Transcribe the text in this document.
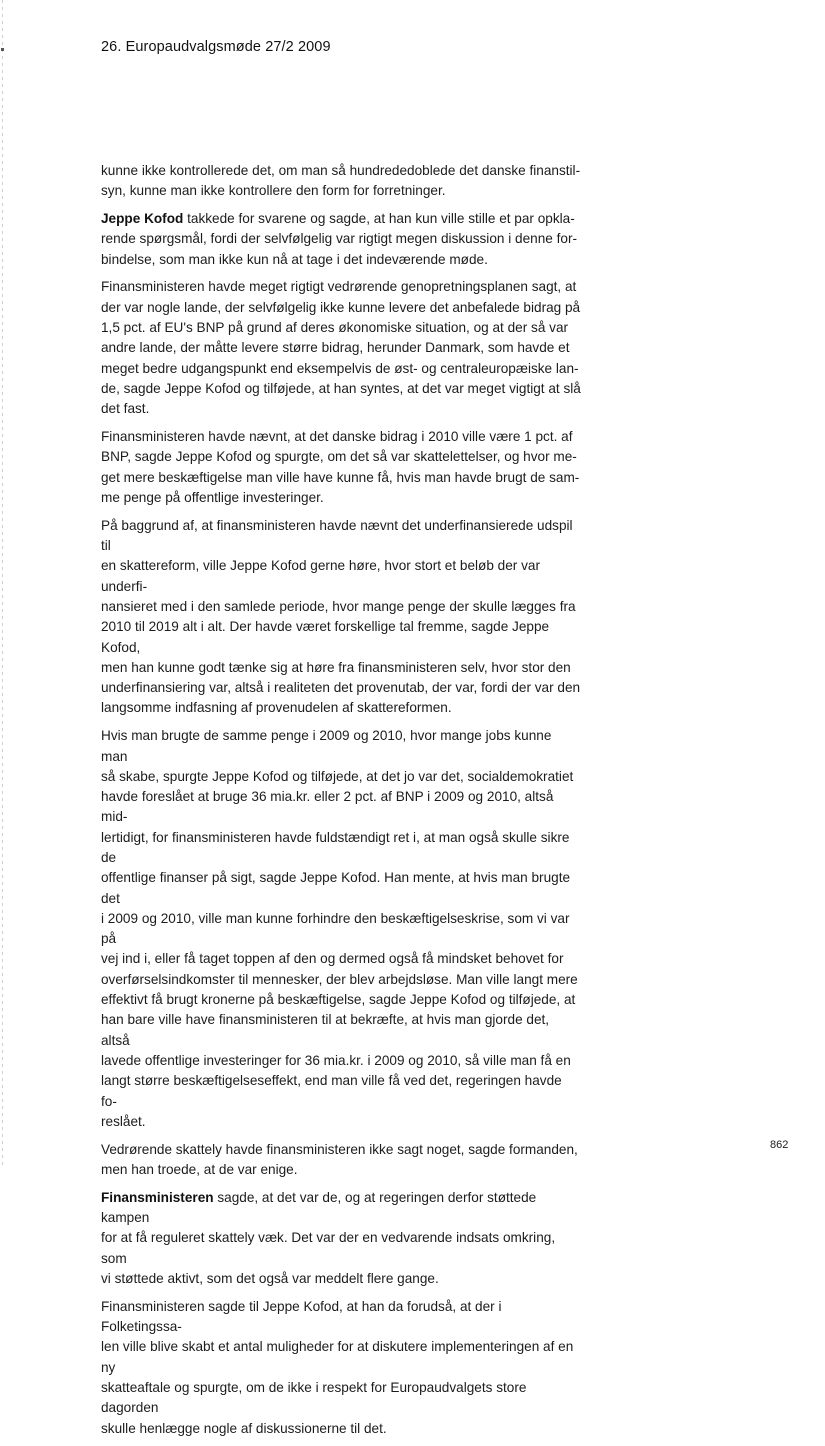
26. Europaudvalgsmøde 27/2 2009

kunne ikke kontrollerede det, om man så hundrededoblede det danske finanstil-
syn, kunne man ikke kontrollere den form for forretninger.

Jeppe Kofod takkede for svarene og sagde, at han kun ville stille et par opkla-
rende spørgsmål, fordi der selvfølgelig var rigtigt megen diskussion i denne for-
bindelse, som man ikke kun nå at tage i det indeværende møde.

Finansministeren havde meget rigtigt vedrørende genopretningsplanen sagt, at
der var nogle lande, der selvfølgelig ikke kunne levere det anbefalede bidrag på
1,5 pct. af EU's BNP på grund af deres økonomiske situation, og at der så var
andre lande, der måtte levere større bidrag, herunder Danmark, som havde et
meget bedre udgangspunkt end eksempelvis de øst- og centraleuropæiske lan-
de, sagde Jeppe Kofod og tilføjede, at han syntes, at det var meget vigtigt at slå
det fast.

Finansministeren havde nævnt, at det danske bidrag i 2010 ville være 1 pct. af
BNP, sagde Jeppe Kofod og spurgte, om det så var skattelettelser, og hvor me-
get mere beskæftigelse man ville have kunne få, hvis man havde brugt de sam-
me penge på offentlige investeringer.

På baggrund af, at finansministeren havde nævnt det underfinansierede udspil til
en skattereform, ville Jeppe Kofod gerne høre, hvor stort et beløb der var underfi-
nansieret med i den samlede periode, hvor mange penge der skulle lægges fra
2010 til 2019 alt i alt. Der havde været forskellige tal fremme, sagde Jeppe Kofod,
men han kunne godt tænke sig at høre fra finansministeren selv, hvor stor den
underfinansiering var, altså i realiteten det provenutab, der var, fordi der var den
langsomme indfasning af provenudelen af skattereformen.

Hvis man brugte de samme penge i 2009 og 2010, hvor mange jobs kunne man
så skabe, spurgte Jeppe Kofod og tilføjede, at det jo var det, socialdemokratiet
havde foreslået at bruge 36 mia.kr. eller 2 pct. af BNP i 2009 og 2010, altså mid-
lertidigt, for finansministeren havde fuldstændigt ret i, at man også skulle sikre de
offentlige finanser på sigt, sagde Jeppe Kofod. Han mente, at hvis man brugte det
i 2009 og 2010, ville man kunne forhindre den beskæftigelseskrise, som vi var på
vej ind i, eller få taget toppen af den og dermed også få mindsket behovet for
overførselsindkomster til mennesker, der blev arbejdsløse. Man ville langt mere
effektivt få brugt kronerne på beskæftigelse, sagde Jeppe Kofod og tilføjede, at
han bare ville have finansministeren til at bekræfte, at hvis man gjorde det, altså
lavede offentlige investeringer for 36 mia.kr. i 2009 og 2010, så ville man få en
langt større beskæftigelseseffekt, end man ville få ved det, regeringen havde fo-
reslået.

Vedrørende skattely havde finansministeren ikke sagt noget, sagde formanden,
men han troede, at de var enige.

Finansministeren sagde, at det var de, og at regeringen derfor støttede kampen
for at få reguleret skattely væk. Det var der en vedvarende indsats omkring, som
vi støttede aktivt, som det også var meddelt flere gange.

Finansministeren sagde til Jeppe Kofod, at han da forudså, at der i Folketingssa-
len ville blive skabt et antal muligheder for at diskutere implementeringen af en ny
skatteaftale og spurgte, om de ikke i respekt for Europaudvalgets store dagorden
skulle henlægge nogle af diskussionerne til det.

862
